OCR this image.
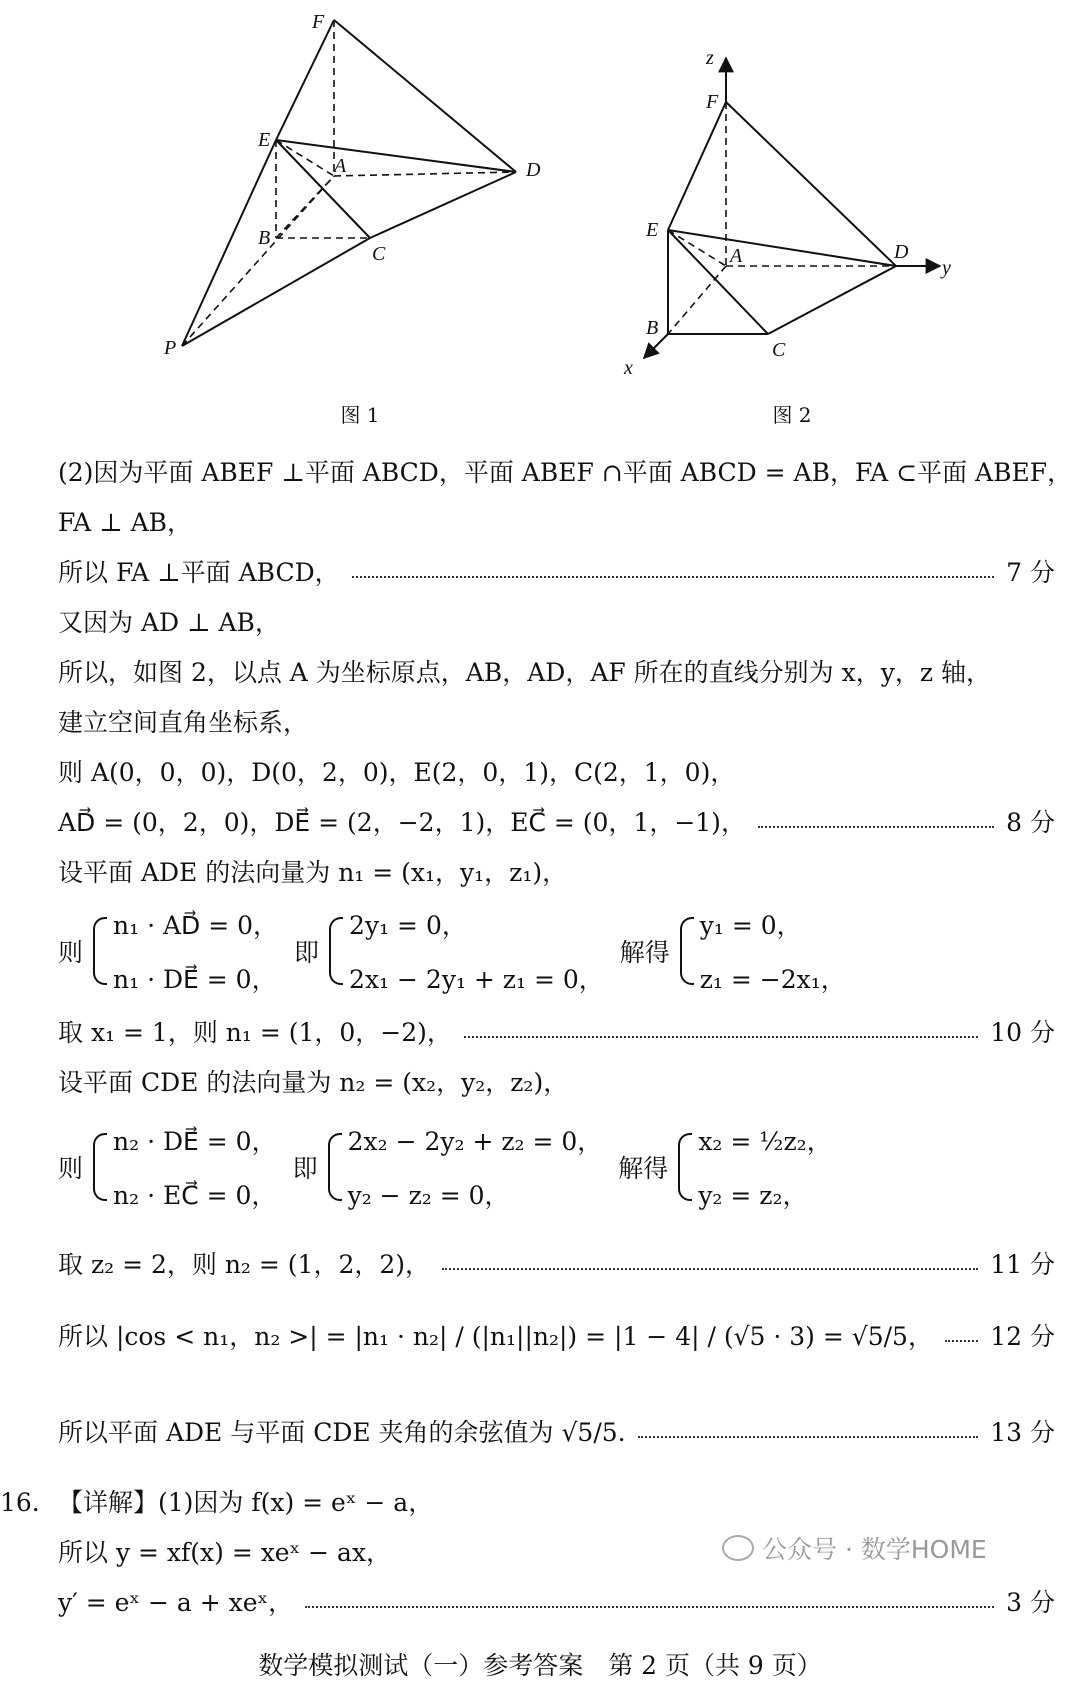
F
E
A	D
B
C
P
图 1
z
F
E
A	D
y
B
C
x
图 2
(2)因为平面 ABEF ⊥平面 ABCD，平面 ABEF ∩平面 ABCD = AB，FA ⊂平面 ABEF，
FA ⊥ AB，
所以 FA ⊥平面 ABCD，	7 分
又因为 AD ⊥ AB，
所以，如图 2，以点 A 为坐标原点，AB，AD，AF 所在的直线分别为 x，y，z 轴，
建立空间直角坐标系，
则 A(0，0，0)，D(0，2，0)，E(2，0，1)，C(2，1，0)，
AD⃗ = (0，2，0)，DE⃗ = (2，−2，1)，EC⃗ = (0，1，−1)，	8 分
设平面 ADE 的法向量为 n₁ = (x₁，y₁，z₁)，
则
n₁ · AD⃗ = 0，
n₁ · DE⃗ = 0，
即
2y₁ = 0，
2x₁ − 2y₁ + z₁ = 0，
解得
y₁ = 0，
z₁ = −2x₁，
取 x₁ = 1，则 n₁ = (1，0，−2)，	10 分
设平面 CDE 的法向量为 n₂ = (x₂，y₂，z₂)，
则
n₂ · DE⃗ = 0，
n₂ · EC⃗ = 0，
即
2x₂ − 2y₂ + z₂ = 0，
y₂ − z₂ = 0，
解得
x₂ = ½z₂，
y₂ = z₂，
取 z₂ = 2，则 n₂ = (1，2，2)，	11 分
所以 |cos < n₁，n₂ >| = |n₁ · n₂| / (|n₁||n₂|) = |1 − 4| / (√5 · 3) = √5/5， 12 分
所以平面 ADE 与平面 CDE 夹角的余弦值为 √5/5.	13 分
16. 【详解】(1)因为 f(x) = eˣ − a，
所以 y = xf(x) = xeˣ − ax，
y′ = eˣ − a + xeˣ，	3 分
公众号 · 数学HOME
数学模拟测试（一）参考答案　第 2 页（共 9 页）
